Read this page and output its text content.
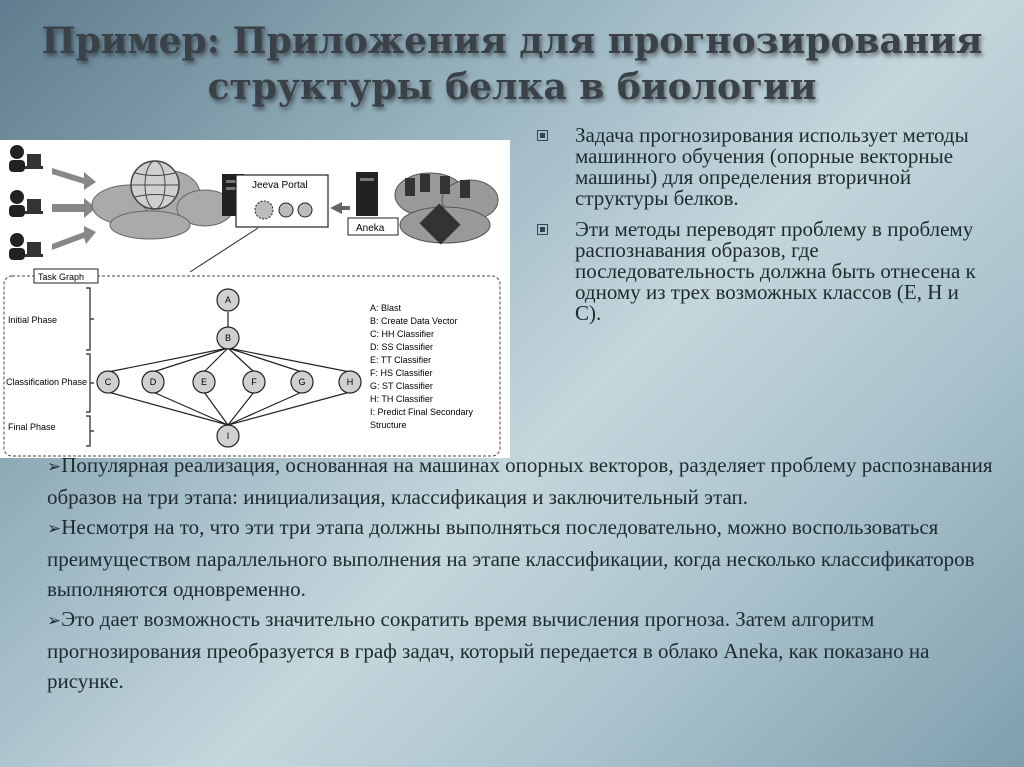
Пример: Приложения для прогнозирования
структуры белка в биологии
Jeeva Portal
Aneka
Task Graph
Initial Phase
Classification Phase
Final Phase
A
B
C	D	E	F	G	H
I
A: Blast
B: Create Data Vector
C: HH Classifier
D: SS Classifier
E: TT Classifier
F: HS Classifier
G: ST Classifier
H: TH Classifier
I: Predict Final Secondary
Structure
Задача прогнозирования использует методы машинного обучения (опорные векторные машины) для определения вторичной структуры белков.
Эти методы переводят проблему в проблему распознавания образов, где последовательность должна быть отнесена к одному из трех возможных классов (E, H и C).

➢Популярная реализация, основанная на машинах опорных векторов, разделяет проблему распознавания образов на три этапа: инициализация, классификация и заключительный этап.

➢Несмотря на то, что эти три этапа должны выполняться последовательно, можно воспользоваться преимуществом параллельного выполнения на этапе классификации, когда несколько классификаторов выполняются одновременно.

➢Это дает возможность значительно сократить время вычисления прогноза. Затем алгоритм прогнозирования преобразуется в граф задач, который передается в облако Aneka, как показано на рисунке.
